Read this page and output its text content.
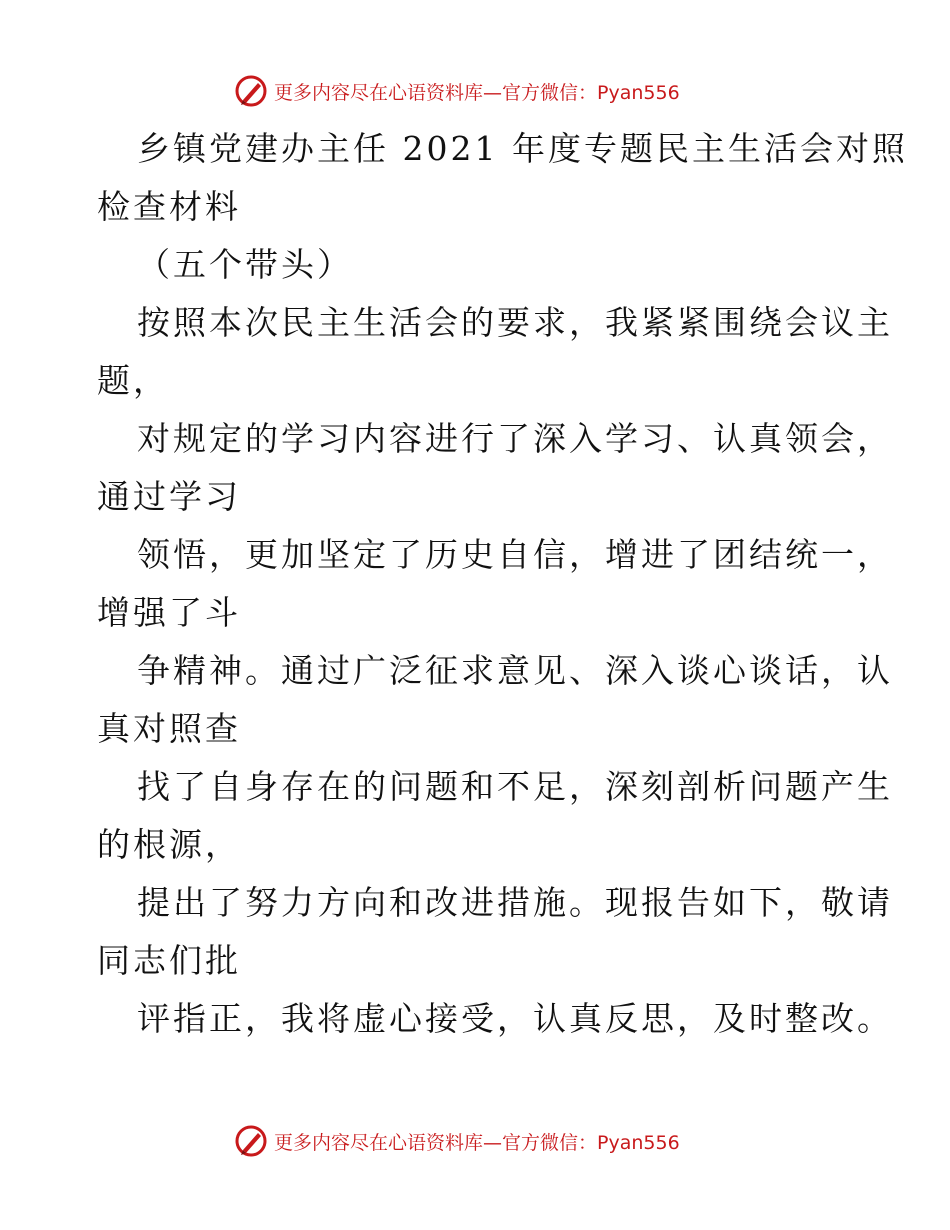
更多内容尽在心语资料库—官方微信：Pyan556
乡镇党建办主任 2021 年度专题民主生活会对照
检查材料
（五个带头）
按照本次民主生活会的要求，我紧紧围绕会议主
题，
对规定的学习内容进行了深入学习、认真领会，
通过学习
领悟，更加坚定了历史自信，增进了团结统一，
增强了斗
争精神。通过广泛征求意见、深入谈心谈话，认
真对照查
找了自身存在的问题和不足，深刻剖析问题产生
的根源，
提出了努力方向和改进措施。现报告如下，敬请
同志们批
评指正，我将虚心接受，认真反思，及时整改。
更多内容尽在心语资料库—官方微信：Pyan556
